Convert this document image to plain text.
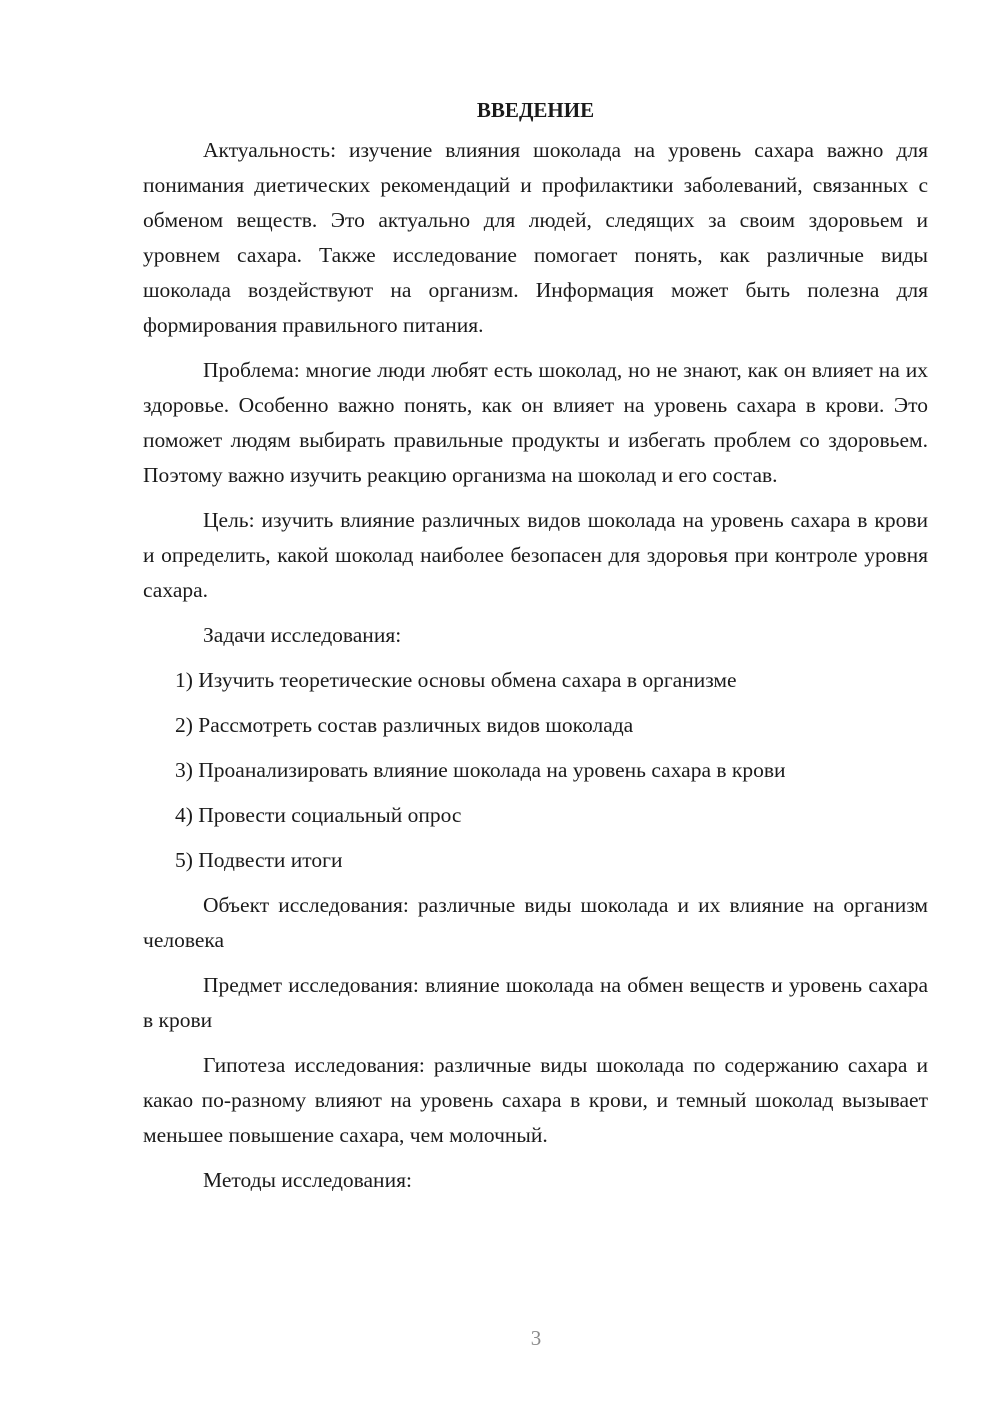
ВВЕДЕНИЕ

Актуальность: изучение влияния шоколада на уровень сахара важно для понимания диетических рекомендаций и профилактики заболеваний, связанных с обменом веществ. Это актуально для людей, следящих за своим здоровьем и уровнем сахара. Также исследование помогает понять, как различные виды шоколада воздействуют на организм. Информация может быть полезна для формирования правильного питания.

Проблема: многие люди любят есть шоколад, но не знают, как он влияет на их здоровье. Особенно важно понять, как он влияет на уровень сахара в крови. Это поможет людям выбирать правильные продукты и избегать проблем со здоровьем. Поэтому важно изучить реакцию организма на шоколад и его состав.

Цель: изучить влияние различных видов шоколада на уровень сахара в крови и определить, какой шоколад наиболее безопасен для здоровья при контроле уровня сахара.

Задачи исследования:

1) Изучить теоретические основы обмена сахара в организме
2) Рассмотреть состав различных видов шоколада
3) Проанализировать влияние шоколада на уровень сахара в крови
4) Провести социальный опрос
5) Подвести итоги

Объект исследования: различные виды шоколада и их влияние на организм человека

Предмет исследования: влияние шоколада на обмен веществ и уровень сахара в крови

Гипотеза исследования: различные виды шоколада по содержанию сахара и какао по-разному влияют на уровень сахара в крови, и темный шоколад вызывает меньшее повышение сахара, чем молочный.

Методы исследования:

3
